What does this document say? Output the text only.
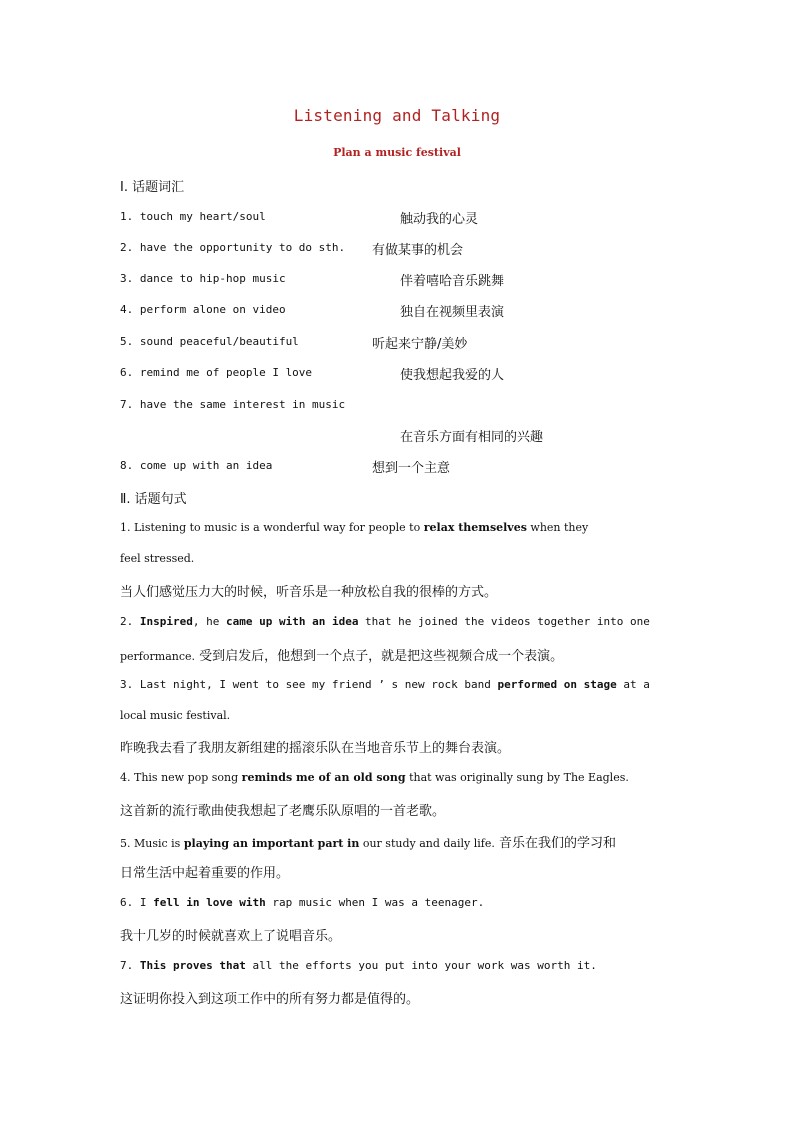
Listening and Talking
Plan a music festival
Ⅰ. 话题词汇
1. touch my heart/soul	触动我的心灵
2. have the opportunity to do sth. 有做某事的机会
3. dance to hip-hop music	伴着嘻哈音乐跳舞
4. perform alone on video	独自在视频里表演
5. sound peaceful/beautiful	听起来宁静/美妙
6. remind me of people I love	使我想起我爱的人
7. have the same interest in music
在音乐方面有相同的兴趣
8. come up with an idea	想到一个主意
Ⅱ. 话题句式
1. Listening to music is a wonderful way for people to relax themselves when they
feel stressed.
当人们感觉压力大的时候，听音乐是一种放松自我的很棒的方式。
2. Inspired, he came up with an idea that he joined the videos together into one
performance. 受到启发后，他想到一个点子，就是把这些视频合成一个表演。
3. Last night, I went to see my friend ’ s new rock band performed on stage at a
local music festival.
昨晚我去看了我朋友新组建的摇滚乐队在当地音乐节上的舞台表演。
4. This new pop song reminds me of an old song that was originally sung by The Eagles.
这首新的流行歌曲使我想起了老鹰乐队原唱的一首老歌。
5. Music is playing an important part in our study and daily life. 音乐在我们的学习和
日常生活中起着重要的作用。
6. I fell in love with rap music when I was a teenager.
我十几岁的时候就喜欢上了说唱音乐。
7. This proves that all the efforts you put into your work was worth it.
这证明你投入到这项工作中的所有努力都是值得的。
